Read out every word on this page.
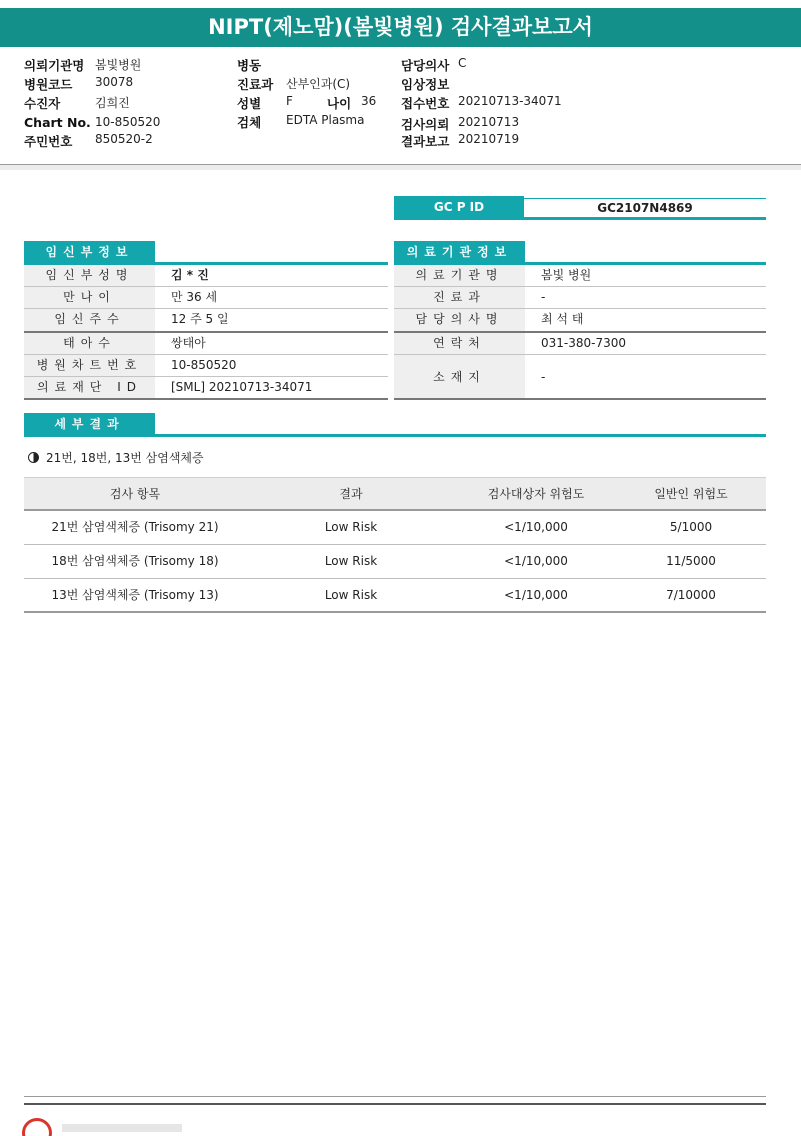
NIPT(제노맘)(봄빛병원) 검사결과보고서
의뢰기관명 봄빛병원
병원코드 30078
수진자	김희진
Chart No. 10-850520
주민번호 850520-2
병동
진료과 산부인과(C)
성별 F	나이 36
검체 EDTA Plasma
담당의사 C
임상정보
접수번호 20210713-34071
검사의뢰 20210713
결과보고 20210719
GC P ID	GC2107N4869
임신부정보
임신부성명	김 * 진
만나이	만 36 세
임신주수	12 주 5 일
태아수	쌍태아
병원차트번호	10-850520
의료재단 ID	[SML] 20210713-34071
의료기관정보
의료기관명	봄빛 병원
진료과	-
담당의사명	최 석 태
연락처	031-380-7300
소재지	-
세부결과
21번, 18번, 13번 삼염색체증
검사 항목	결과	검사대상자 위험도	일반인 위험도
21번 삼염색체증 (Trisomy 21)	Low Risk	<1/10,000	5/1000
18번 삼염색체증 (Trisomy 18)	Low Risk	<1/10,000	11/5000
13번 삼염색체증 (Trisomy 13)	Low Risk	<1/10,000	7/10000
